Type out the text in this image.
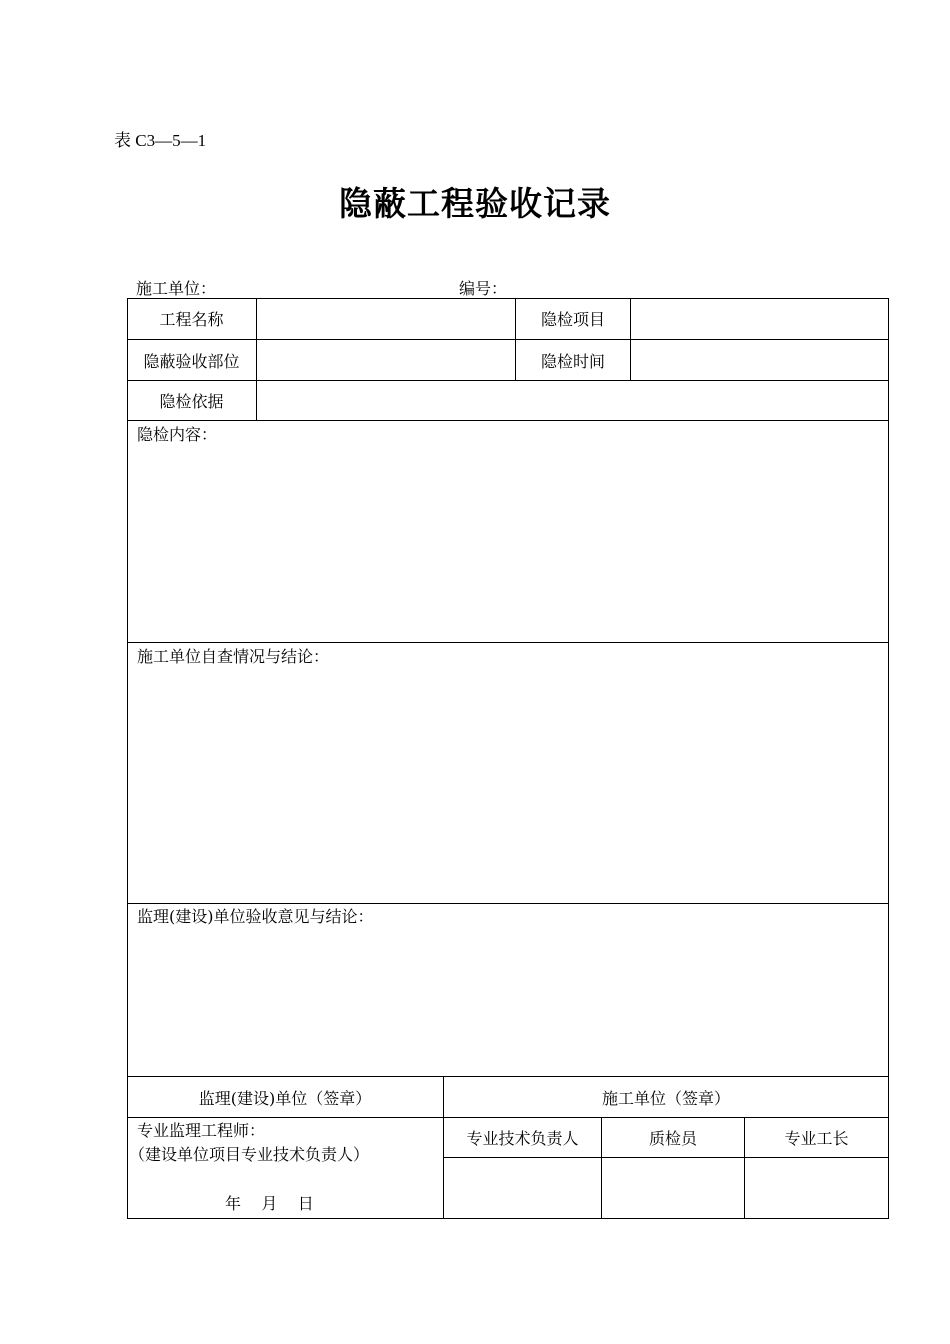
表 C3—5—1
隐蔽工程验收记录
施工单位：	编号：
工程名称	隐检项目
隐蔽验收部位	隐检时间
隐检依据
隐检内容：
施工单位自查情况与结论：
监理(建设)单位验收意见与结论：
监理(建设)单位（签章）	施工单位（签章）
专业监理工程师：
（建设单位项目专业技术负责人）
年    月    日
专业技术负责人	质检员	专业工长
